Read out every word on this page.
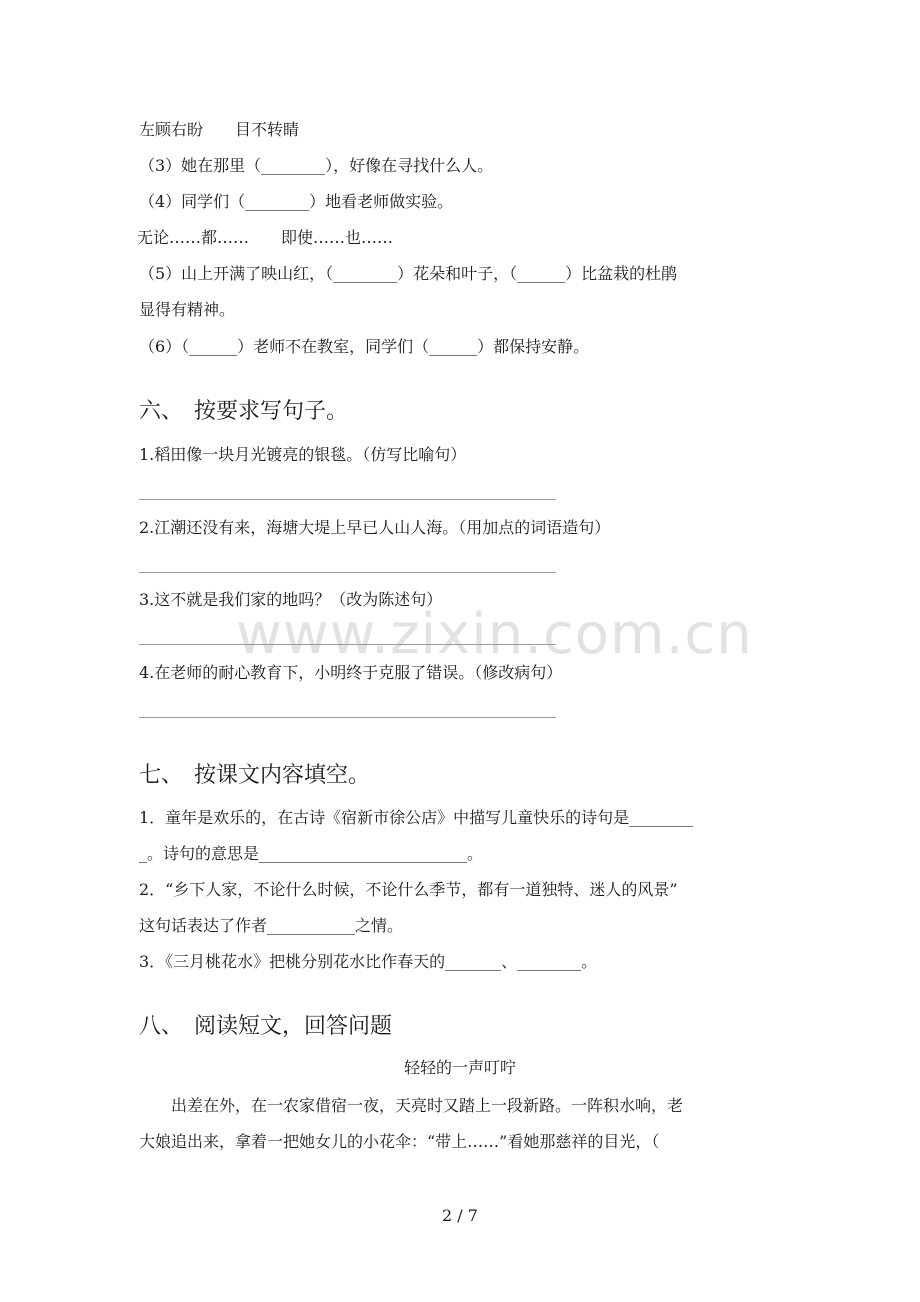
左顾右盼　　目不转睛
（3）她在那里（________），好像在寻找什么人。
（4）同学们（________）地看老师做实验。
无论……都……　　即使……也……
（5）山上开满了映山红，（________）花朵和叶子，（______）比盆栽的杜鹃
显得有精神。
（6）（______）老师不在教室，同学们（______）都保持安静。
六、　按要求写句子。
1.稻田像一块月光镀亮的银毯。（仿写比喻句）
2.江潮还没有来，海塘大堤上早已人山人海。（用加点的词语造句）
3.这不就是我们家的地吗？（改为陈述句）
4.在老师的耐心教育下，小明终于克服了错误。（修改病句）
七、　按课文内容填空。
1．童年是欢乐的，在古诗《宿新市徐公店》中描写儿童快乐的诗句是________
_。诗句的意思是__________________________。
2．“乡下人家，不论什么时候，不论什么季节，都有一道独特、迷人的风景”
这句话表达了作者___________之情。
3．《三月桃花水》把桃分别花水比作春天的_______、________。
八、　阅读短文，回答问题
轻轻的一声叮咛
　　出差在外，在一农家借宿一夜，天亮时又踏上一段新路。一阵积水响，老
大娘追出来，拿着一把她女儿的小花伞：“带上……”看她那慈祥的目光，（
www.zixin.com.cn
2 / 7
